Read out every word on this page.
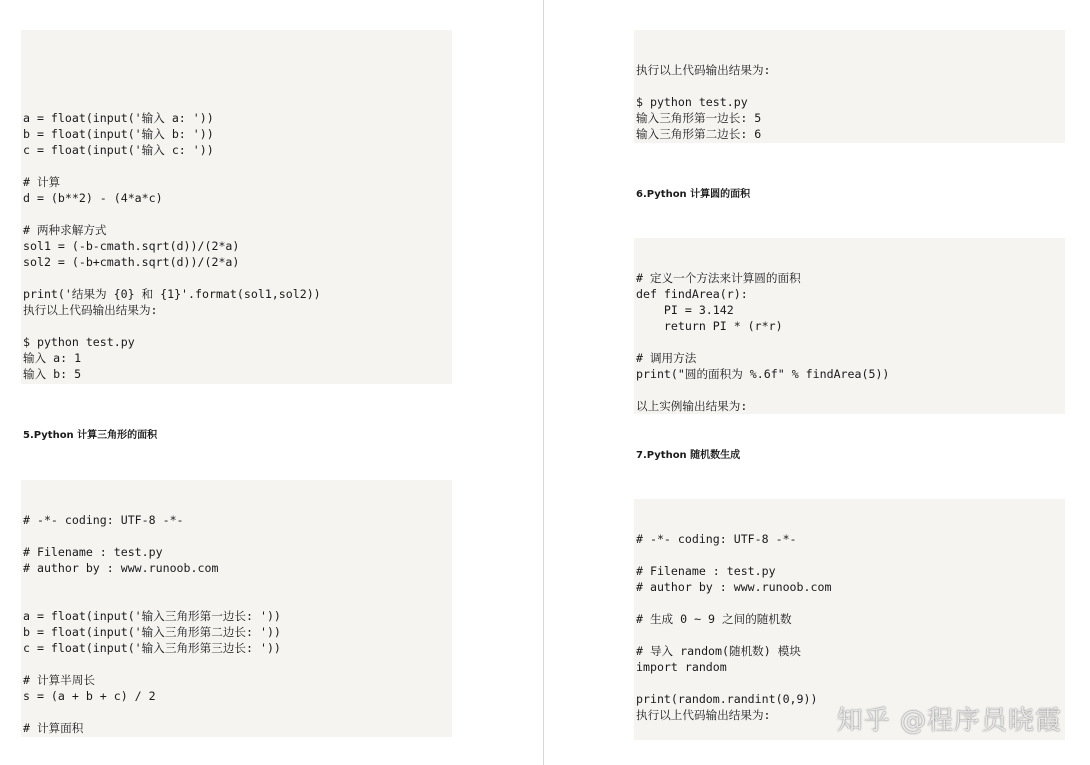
a = float(input('输入 a: '))
b = float(input('输入 b: '))
c = float(input('输入 c: '))
# 计算
d = (b**2) - (4*a*c)
# 两种求解方式
sol1 = (-b-cmath.sqrt(d))/(2*a)
sol2 = (-b+cmath.sqrt(d))/(2*a)
print('结果为 {0} 和 {1}'.format(sol1,sol2))
执行以上代码输出结果为:
$ python test.py
输入 a: 1
输入 b: 5

5.Python 计算三角形的面积

# -*- coding: UTF-8 -*-
# Filename : test.py
# author by : www.runoob.com
a = float(input('输入三角形第一边长: '))
b = float(input('输入三角形第二边长: '))
c = float(input('输入三角形第三边长: '))
# 计算半周长
s = (a + b + c) / 2
# 计算面积

执行以上代码输出结果为:
$ python test.py
输入三角形第一边长: 5
输入三角形第二边长: 6

6.Python 计算圆的面积

# 定义一个方法来计算圆的面积
def findArea(r):
PI = 3.142
return PI * (r*r)
# 调用方法
print("圆的面积为 %.6f" % findArea(5))
以上实例输出结果为:

7.Python 随机数生成

# -*- coding: UTF-8 -*-
# Filename : test.py
# author by : www.runoob.com
# 生成 0 ~ 9 之间的随机数
# 导入 random(随机数) 模块
import random
print(random.randint(0,9))
执行以上代码输出结果为:	知乎 @程序员晓霞
